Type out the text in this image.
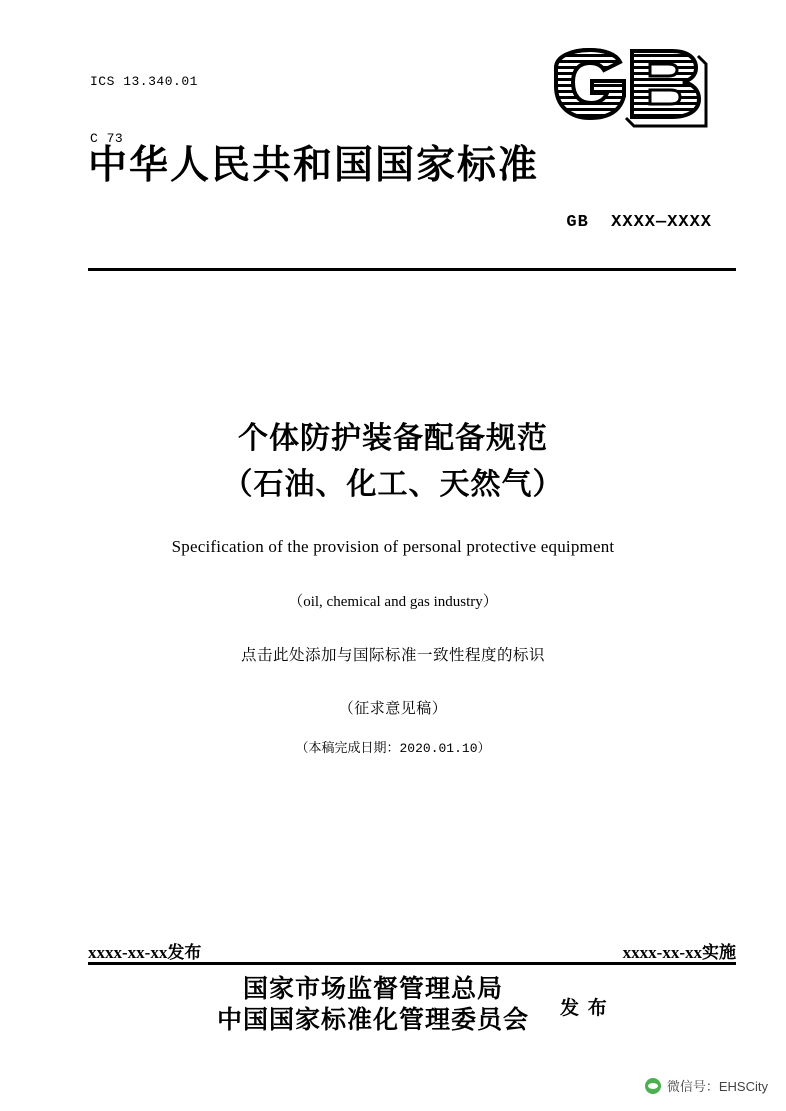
ICS 13.340.01

C 73

中华人民共和国国家标准
GB  XXXX—XXXX
个体防护装备配备规范
（石油、化工、天然气）
Specification of the provision of personal protective equipment
（oil, chemical and gas industry）
点击此处添加与国际标准一致性程度的标识
（征求意见稿）
（本稿完成日期：2020.01.10）
xxxx-xx-xx发布	xxxx-xx-xx实施
国家市场监督管理总局
中国国家标准化管理委员会	发 布
微信号：EHSCity
